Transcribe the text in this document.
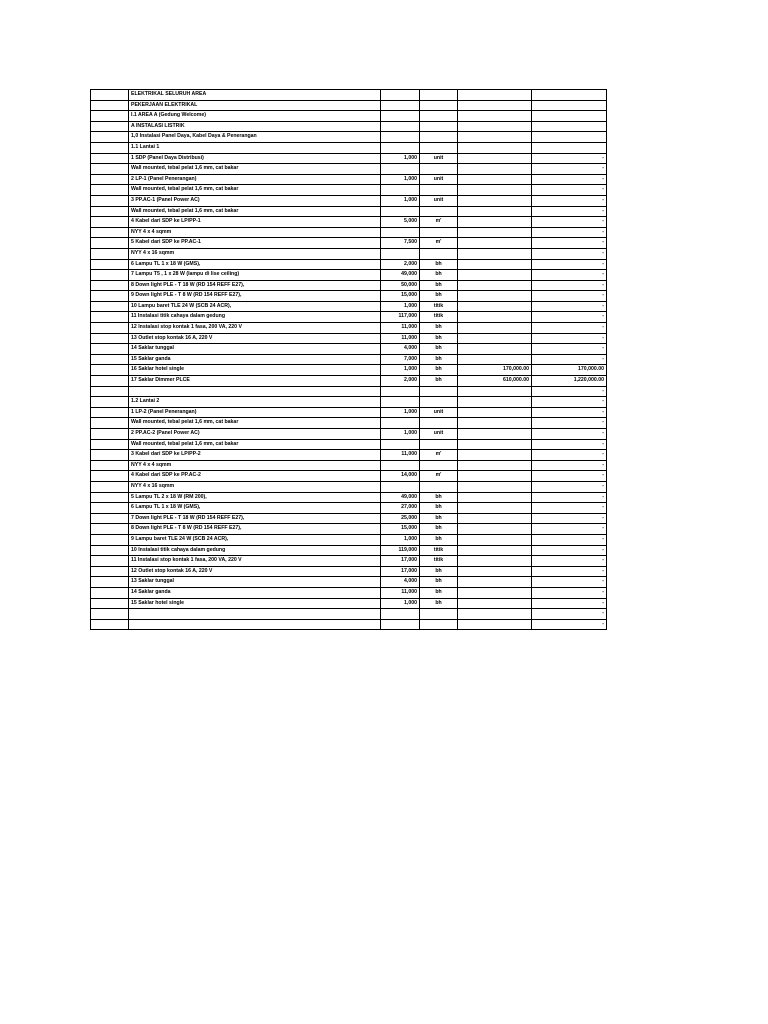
	ELEKTRIKAL SELURUH AREA				
	PEKERJAAN ELEKTRIKAL				
	I.1 AREA A (Gedung Welcome)				
	A INSTALASI LISTRIK				
	1,0 Instalasi Panel Daya, Kabel Daya & Penerangan				
	1.1 Lantai 1				
	1 SDP (Panel Daya Distribusi)	1,000	unit		-
	Wall mounted, tebal pelat 1,6 mm, cat bakar				-
	2 LP-1 (Panel Penerangan)	1,000	unit		-
	Wall mounted, tebal pelat 1,6 mm, cat bakar				-
	3 PP.AC-1 (Panel Power AC)	1,000	unit		-
	Wall mounted, tebal pelat 1,6 mm, cat bakar				-
	4 Kabel dari SDP ke LP/PP-1	5,000	m'		-
	NYY 4 x 4 sqmm				-
	5 Kabel dari SDP ke PP.AC-1	7,500	m'		-
	NYY 4 x 16 sqmm				-
	6 Lampu TL 1 x 18 W (GMS),	2,000	bh		-
	7 Lampu T5 , 1 x 28 W (lampu di lise ceiling)	49,000	bh		-
	8 Down light PLE - T 18 W (RD 154 REFF E27),	50,000	bh		-
	9 Down light PLE - T 8 W (RD 154 REFF E27),	15,000	bh		-
	10 Lampu baret TLE 24 W (SCB 24 ACR),	1,000	titik		-
	11 Instalasi titik cahaya dalam gedung	117,000	titik		-
	12 Instalasi stop kontak 1 fasa, 200 VA, 220 V	11,000	bh		-
	13 Outlet stop kontak 16 A, 220 V	11,000	bh		-
	14 Saklar tunggal	4,000	bh		-
	15 Saklar ganda	7,000	bh		-
	16 Saklar hotel single	1,000	bh	170,000.00	170,000.00
	17 Saklar Dimmer PLCE	2,000	bh	610,000.00	1,220,000.00
					-
	1.2 Lantai 2				-
	1 LP-2 (Panel Penerangan)	1,000	unit		-
	Wall mounted, tebal pelat 1,6 mm, cat bakar				-
	2 PP.AC-2 (Panel Power AC)	1,000	unit		-
	Wall mounted, tebal pelat 1,6 mm, cat bakar				-
	3 Kabel dari SDP ke LP/PP-2	11,000	m'		-
	NYY 4 x 4 sqmm				-
	4 Kabel dari SDP ke PP.AC-2	14,000	m'		-
	NYY 4 x 16 sqmm				-
	5 Lampu TL 2 x 18 W (RM 200),	49,000	bh		-
	6 Lampu TL 1 x 18 W (GMS),	27,000	bh		-
	7 Down light PLE - T 18 W (RD 154 REFF E27),	25,000	bh		-
	8 Down light PLE - T 8 W (RD 154 REFF E27),	15,000	bh		-
	9 Lampu baret TLE 24 W (SCB 24 ACR),	1,000	bh		-
	10 Instalasi titik cahaya dalam gedung	119,000	titik		-
	11 Instalasi stop kontak 1 fasa, 200 VA, 220 V	17,000	titik		-
	12 Outlet stop kontak 16 A, 220 V	17,000	bh		-
	13 Saklar tunggal	4,000	bh		-
	14 Saklar ganda	11,000	bh		-
	15 Saklar hotel single	1,000	bh		-
					-
					-
